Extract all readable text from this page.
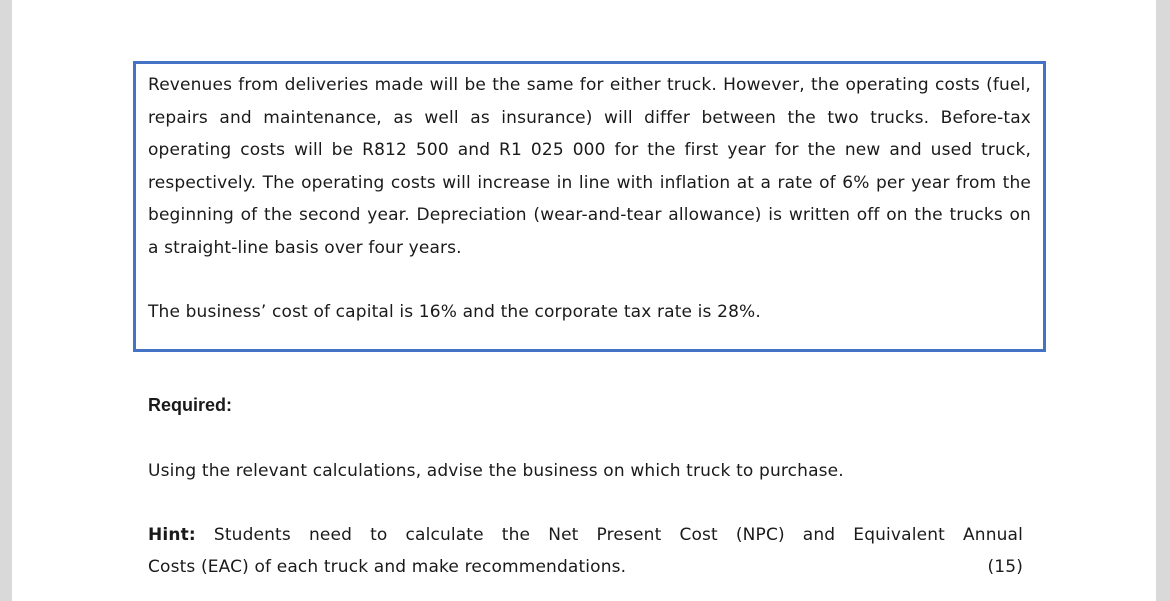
Revenues from deliveries made will be the same for either truck. However, the operating costs (fuel, repairs and maintenance, as well as insurance) will differ between the two trucks. Before-tax operating costs will be R812 500 and R1 025 000 for the first year for the new and used truck, respectively. The operating costs will increase in line with inflation at a rate of 6% per year from the beginning of the second year. Depreciation (wear-and-tear allowance) is written off on the trucks on a straight-line basis over four years.

The business’ cost of capital is 16% and the corporate tax rate is 28%.

Required:

Using the relevant calculations, advise the business on which truck to purchase.

Hint: Students need to calculate the Net Present Cost (NPC) and Equivalent Annual

Costs (EAC) of each truck and make recommendations.	(15)
